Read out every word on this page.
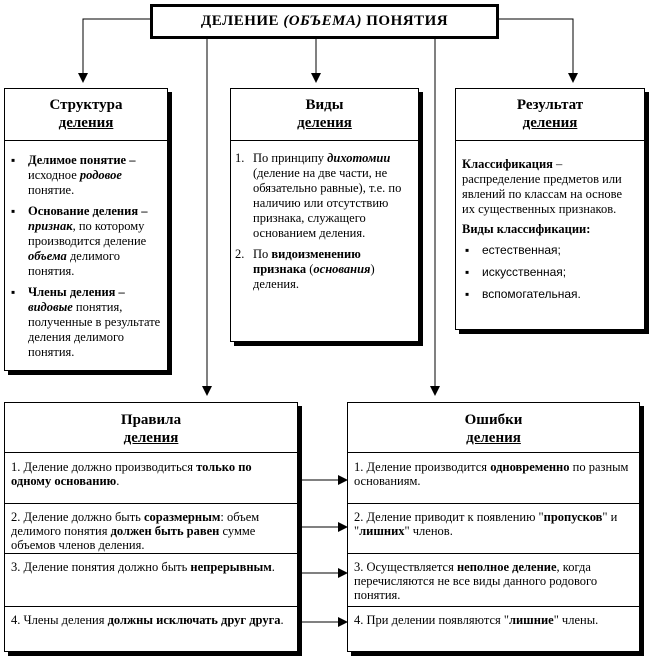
ДЕЛЕНИЕ (ОБЪЕМА) ПОНЯТИЯ
Структура
деления
▪ Делимое понятие – исходное родовое понятие.
▪ Основание деления – признак, по которому производится деление объема делимого понятия.
▪ Члены деления – видовые понятия, полученные в результате деления делимого понятия.
Виды
деления
1. По принципу дихотомии (деление на две части, не обязательно равные), т.е. по наличию или отсутствию признака, служащего основанием деления.
2. По видоизменению признака (основания) деления.
Результат
деления
Классификация – распределение предметов или явлений по классам на основе их существенных признаков.
Виды классификации:
▪ естественная;
▪ искусственная;
▪ вспомогательная.
Правила
деления
1. Деление должно производиться только по одному основанию.
2. Деление должно быть соразмерным: объем делимого понятия должен быть равен сумме объемов членов деления.
3. Деление понятия должно быть непрерывным.
4. Члены деления должны исключать друг друга.
Ошибки
деления
1. Деление производится одновременно по разным основаниям.
2. Деление приводит к появлению "пропусков" и "лишних" членов.
3. Осуществляется неполное деление, когда перечисляются не все виды данного родового понятия.
4. При делении появляются "лишние" члены.
